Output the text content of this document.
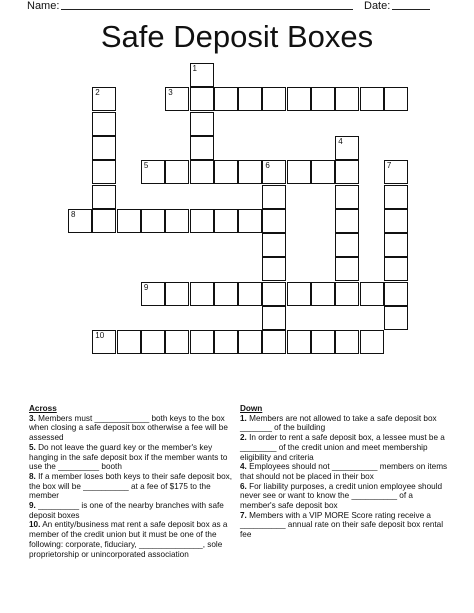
Name:	Date:
Safe Deposit Boxes
1
2	3
4
5	6	7
8
9
10
Across
3. Members must ____________ both keys to the box when closing a safe deposit box otherwise a fee will be assessed
5. Do not leave the guard key or the member's key hanging in the safe deposit box if the member wants to use the _________ booth
8. If a member loses both keys to their safe deposit box, the box will be __________ at a fee of $175 to the member
9. _________ is one of the nearby branches with safe deposit boxes
10. An entity/business mat rent a safe deposit box as a member of the credit union but it must be one of the following: corporate, fiduciary, ______________, sole proprietorship or unincorporated association
Down
1. Members are not allowed to take a safe deposit box _______ of the building
2. In order to rent a safe deposit box, a lessee must be a ________ of the credit union and meet membership eligibility and criteria
4. Employees should not __________ members on items that should not be placed in their box
6. For liability purposes, a credit union employee should never see or want to know the __________ of a member's safe deposit box
7. Members with a VIP MORE Score rating receive a __________ annual rate on their safe deposit box rental fee
